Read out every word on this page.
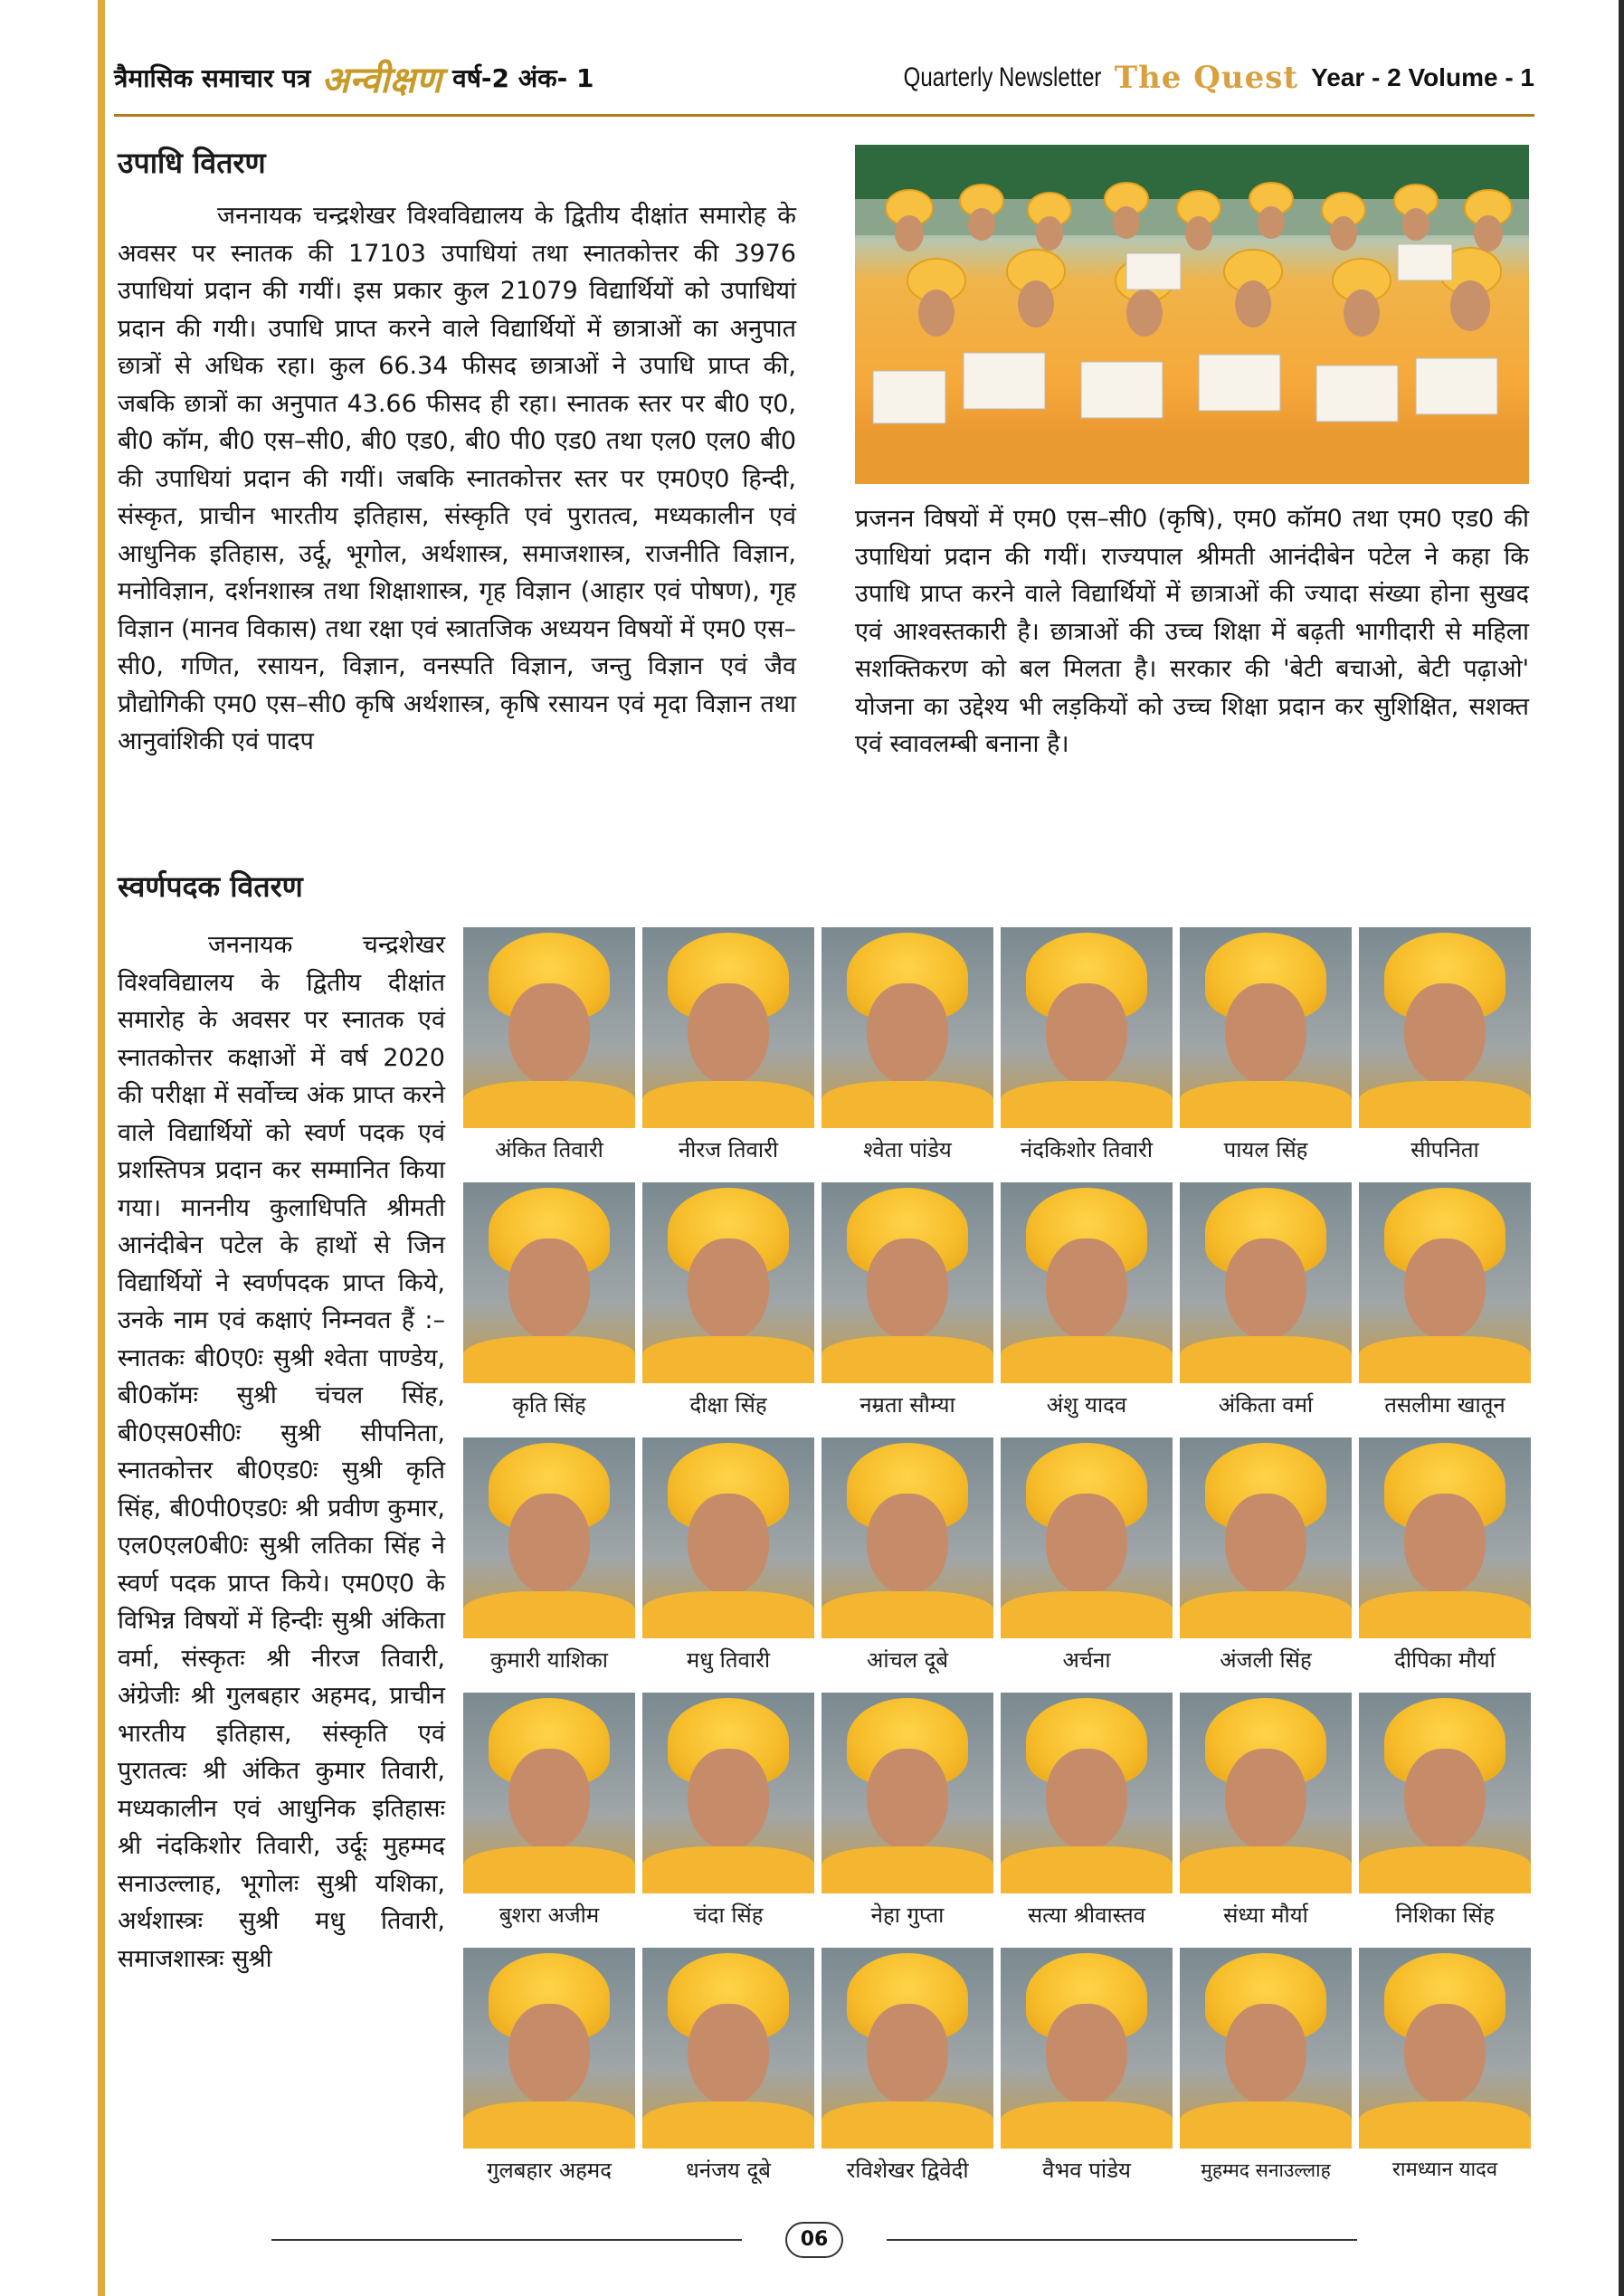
त्रैमासिक समाचार पत्र अन्वीक्षण वर्ष-2 अंक- 1	Quarterly Newsletter The Quest Year - 2 Volume - 1
उपाधि वितरण
जननायक चन्द्रशेखर विश्वविद्यालय के द्वितीय दीक्षांत समारोह के अवसर पर स्नातक की 17103 उपाधियां तथा स्नातकोत्तर की 3976 उपाधियां प्रदान की गयीं। इस प्रकार कुल 21079 विद्यार्थियों को उपाधियां प्रदान की गयी। उपाधि प्राप्त करने वाले विद्यार्थियों में छात्राओं का अनुपात छात्रों से अधिक रहा। कुल 66.34 फीसद छात्राओं ने उपाधि प्राप्त की, जबकि छात्रों का अनुपात 43.66 फीसद ही रहा। स्नातक स्तर पर बी0 ए0, बी0 कॉम, बी0 एस–सी0, बी0 एड0, बी0 पी0 एड0 तथा एल0 एल0 बी0 की उपाधियां प्रदान की गयीं। जबकि स्नातकोत्तर स्तर पर एम0ए0 हिन्दी, संस्कृत, प्राचीन भारतीय इतिहास, संस्कृति एवं पुरातत्व, मध्यकालीन एवं आधुनिक इतिहास, उर्दू, भूगोल, अर्थशास्त्र, समाजशास्त्र, राजनीति विज्ञान, मनोविज्ञान, दर्शनशास्त्र तथा शिक्षाशास्त्र, गृह विज्ञान (आहार एवं पोषण), गृह विज्ञान (मानव विकास) तथा रक्षा एवं स्त्रातजिक अध्ययन विषयों में एम0 एस–सी0, गणित, रसायन, विज्ञान, वनस्पति विज्ञान, जन्तु विज्ञान एवं जैव प्रौद्योगिकी एम0 एस–सी0 कृषि अर्थशास्त्र, कृषि रसायन एवं मृदा विज्ञान तथा आनुवांशिकी एवं पादप
प्रजनन विषयों में एम0 एस–सी0 (कृषि), एम0 कॉम0 तथा एम0 एड0 की उपाधियां प्रदान की गयीं। राज्यपाल श्रीमती आनंदीबेन पटेल ने कहा कि उपाधि प्राप्त करने वाले विद्यार्थियों में छात्राओं की ज्यादा संख्या होना सुखद एवं आश्वस्तकारी है। छात्राओं की उच्च शिक्षा में बढ़ती भागीदारी से महिला सशक्तिकरण को बल मिलता है। सरकार की 'बेटी बचाओ, बेटी पढ़ाओ' योजना का उद्देश्य भी लड़कियों को उच्च शिक्षा प्रदान कर सुशिक्षित, सशक्त एवं स्वावलम्बी बनाना है।
स्वर्णपदक वितरण
जननायक चन्द्रशेखर विश्वविद्यालय के द्वितीय दीक्षांत समारोह के अवसर पर स्नातक एवं स्नातकोत्तर कक्षाओं में वर्ष 2020 की परीक्षा में सर्वोच्च अंक प्राप्त करने वाले विद्यार्थियों को स्वर्ण पदक एवं प्रशस्तिपत्र प्रदान कर सम्मानित किया गया। माननीय कुलाधिपति श्रीमती आनंदीबेन पटेल के हाथों से जिन विद्यार्थियों ने स्वर्णपदक प्राप्त किये, उनके नाम एवं कक्षाएं निम्नवत हैं :– स्नातकः बी0ए0ः सुश्री श्वेता पाण्डेय, बी0कॉमः सुश्री चंचल सिंह, बी0एस0सी0ः सुश्री सीपनिता, स्नातकोत्तर बी0एड0ः सुश्री कृति सिंह, बी0पी0एड0ः श्री प्रवीण कुमार, एल0एल0बी0ः सुश्री लतिका सिंह ने स्वर्ण पदक प्राप्त किये। एम0ए0 के विभिन्न विषयों में हिन्दीः सुश्री अंकिता वर्मा, संस्कृतः श्री नीरज तिवारी, अंग्रेजीः श्री गुलबहार अहमद, प्राचीन भारतीय इतिहास, संस्कृति एवं पुरातत्वः श्री अंकित कुमार तिवारी, मध्यकालीन एवं आधुनिक इतिहासः श्री नंदकिशोर तिवारी, उर्दूः मुहम्मद सनाउल्लाह, भूगोलः सुश्री यशिका, अर्थशास्त्रः सुश्री मधु तिवारी, समाजशास्त्रः सुश्री
अंकित तिवारी	नीरज तिवारी	श्वेता पांडेय	नंदकिशोर तिवारी	पायल सिंह	सीपनिता
कृति सिंह	दीक्षा सिंह	नम्रता सौम्या	अंशु यादव	अंकिता वर्मा	तसलीमा खातून
कुमारी याशिका	मधु तिवारी	आंचल दूबे	अर्चना	अंजली सिंह	दीपिका मौर्या
बुशरा अजीम	चंदा सिंह	नेहा गुप्ता	सत्या श्रीवास्तव	संध्या मौर्या	निशिका सिंह
गुलबहार अहमद	धनंजय दूबे	रविशेखर द्विवेदी	वैभव पांडेय	मुहम्मद सनाउल्लाह	रामध्यान यादव
06
